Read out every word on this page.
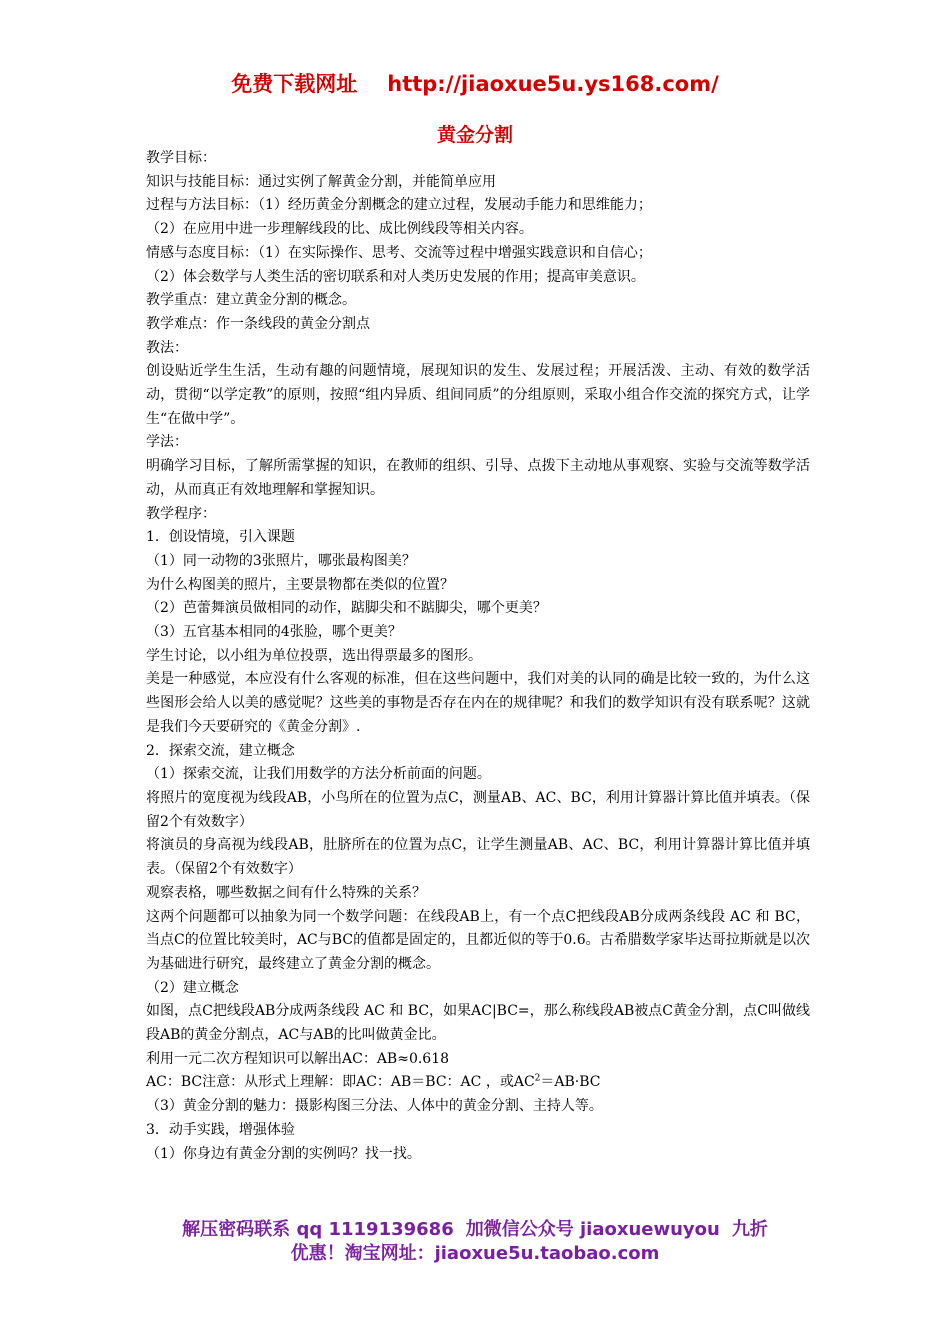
免费下载网址 http://jiaoxue5u.ys168.com/
黄金分割

教学目标：

知识与技能目标：通过实例了解黄金分割，并能简单应用

过程与方法目标：（1）经历黄金分割概念的建立过程，发展动手能力和思维能力；

（2）在应用中进一步理解线段的比、成比例线段等相关内容。

情感与态度目标：（1）在实际操作、思考、交流等过程中增强实践意识和自信心；

（2）体会数学与人类生活的密切联系和对人类历史发展的作用；提高审美意识。

教学重点：建立黄金分割的概念。

教学难点：作一条线段的黄金分割点

教法：

创设贴近学生生活，生动有趣的问题情境，展现知识的发生、发展过程；开展活泼、主动、有效的数学活动，贯彻“以学定教”的原则，按照“组内异质、组间同质”的分组原则，采取小组合作交流的探究方式，让学生“在做中学”。

学法：

明确学习目标，了解所需掌握的知识，在教师的组织、引导、点拨下主动地从事观察、实验与交流等数学活动，从而真正有效地理解和掌握知识。

教学程序：

1．创设情境，引入课题

（1）同一动物的3张照片，哪张最构图美？

为什么构图美的照片，主要景物都在类似的位置？

（2）芭蕾舞演员做相同的动作，踮脚尖和不踮脚尖，哪个更美？

（3）五官基本相同的4张脸，哪个更美？

学生讨论，以小组为单位投票，选出得票最多的图形。

美是一种感觉，本应没有什么客观的标准，但在这些问题中，我们对美的认同的确是比较一致的，为什么这些图形会给人以美的感觉呢？这些美的事物是否存在内在的规律呢？和我们的数学知识有没有联系呢？这就是我们今天要研究的《黄金分割》.

2．探索交流，建立概念

（1）探索交流，让我们用数学的方法分析前面的问题。

将照片的宽度视为线段AB，小鸟所在的位置为点C，测量AB、AC、BC，利用计算器计算比值并填表。（保留2个有效数字）

将演员的身高视为线段AB，肚脐所在的位置为点C，让学生测量AB、AC、BC，利用计算器计算比值并填表。（保留2个有效数字）

观察表格，哪些数据之间有什么特殊的关系？

这两个问题都可以抽象为同一个数学问题：在线段AB上，有一个点C把线段AB分成两条线段 AC 和 BC，当点C的位置比较美时，AC与BC的值都是固定的，且都近似的等于0.6。古希腊数学家毕达哥拉斯就是以次为基础进行研究，最终建立了黄金分割的概念。

（2）建立概念

如图，点C把线段AB分成两条线段 AC 和 BC，如果AC|BC=，那么称线段AB被点C黄金分割，点C叫做线段AB的黄金分割点，AC与AB的比叫做黄金比。

利用一元二次方程知识可以解出AC：AB≈0.618

AC：BC注意：从形式上理解：即AC：AB＝BC：AC ，或$AC^2=AB\cdot BC$

（3）黄金分割的魅力：摄影构图三分法、人体中的黄金分割、主持人等。

3．动手实践，增强体验

（1）你身边有黄金分割的实例吗？找一找。

解压密码联系 qq 1119139686 加微信公众号 jiaoxuewuyou 九折
优惠！淘宝网址：jiaoxue5u.taobao.com
